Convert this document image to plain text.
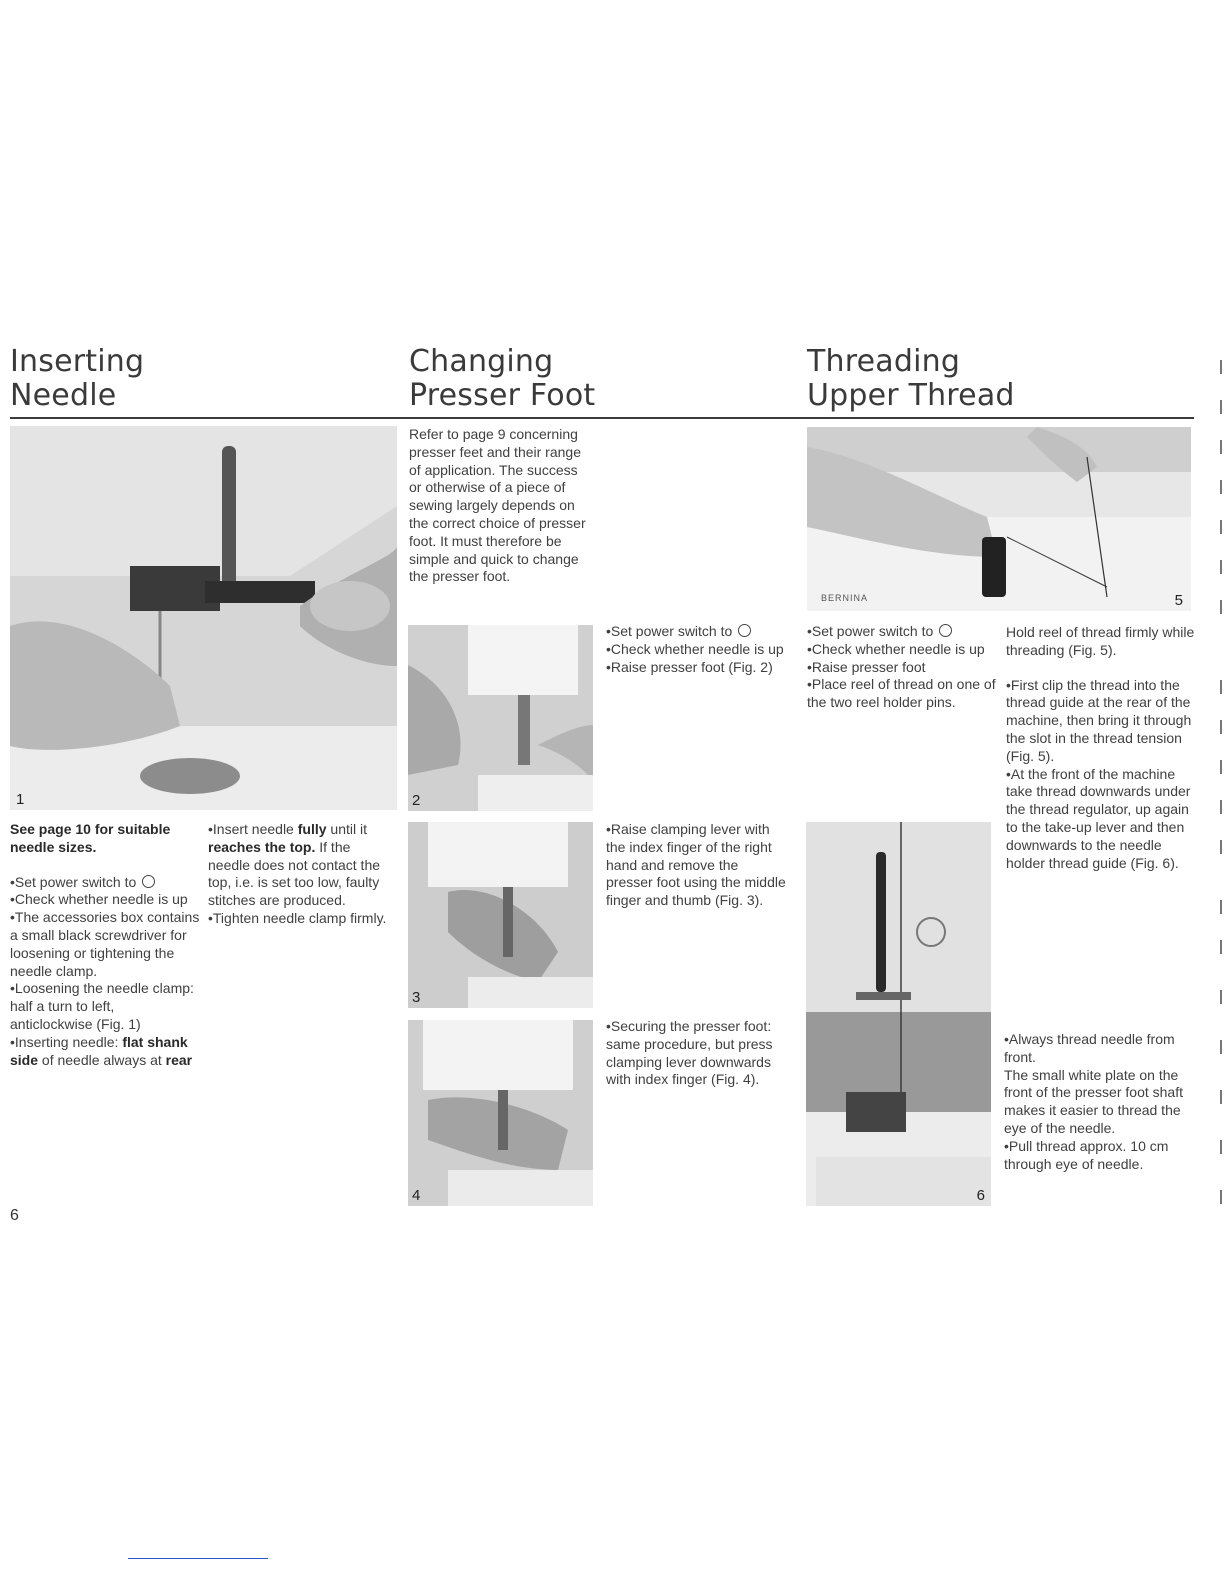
Inserting
Needle
Changing
Presser Foot
Threading
Upper Thread
1	2
3
4
BERNINA	5
6

See page 10 for suitable needle sizes.

•Set power switch to

•Check whether needle is up

•The accessories box contains a small black screwdriver for loosening or tightening the needle clamp.

•Loosening the needle clamp: half a turn to left, anticlockwise (Fig. 1)

•Inserting needle: flat shank side of needle always at rear

•Insert needle fully until it reaches the top. If the needle does not contact the top, i.e. is set too low, faulty stitches are produced.

•Tighten needle clamp firmly.

Refer to page 9 concerning presser feet and their range of application. The success or otherwise of a piece of sewing largely depends on the correct choice of presser foot. It must therefore be simple and quick to change the presser foot.

•Set power switch to

•Check whether needle is up

•Raise presser foot (Fig. 2)

•Raise clamping lever with the index finger of the right hand and remove the presser foot using the middle finger and thumb (Fig. 3).

•Securing the presser foot: same procedure, but press clamping lever downwards with index finger (Fig. 4).

•Set power switch to

•Check whether needle is up

•Raise presser foot

•Place reel of thread on one of the two reel holder pins.

Hold reel of thread firmly while threading (Fig. 5).

•First clip the thread into the thread guide at the rear of the machine, then bring it through the slot in the thread tension (Fig. 5).

•At the front of the machine take thread downwards under the thread regulator, up again to the take-up lever and then downwards to the needle holder thread guide (Fig. 6).

•Always thread needle from front.

The small white plate on the front of the presser foot shaft makes it easier to thread the eye of the needle.

•Pull thread approx. 10 cm through eye of needle.

6
